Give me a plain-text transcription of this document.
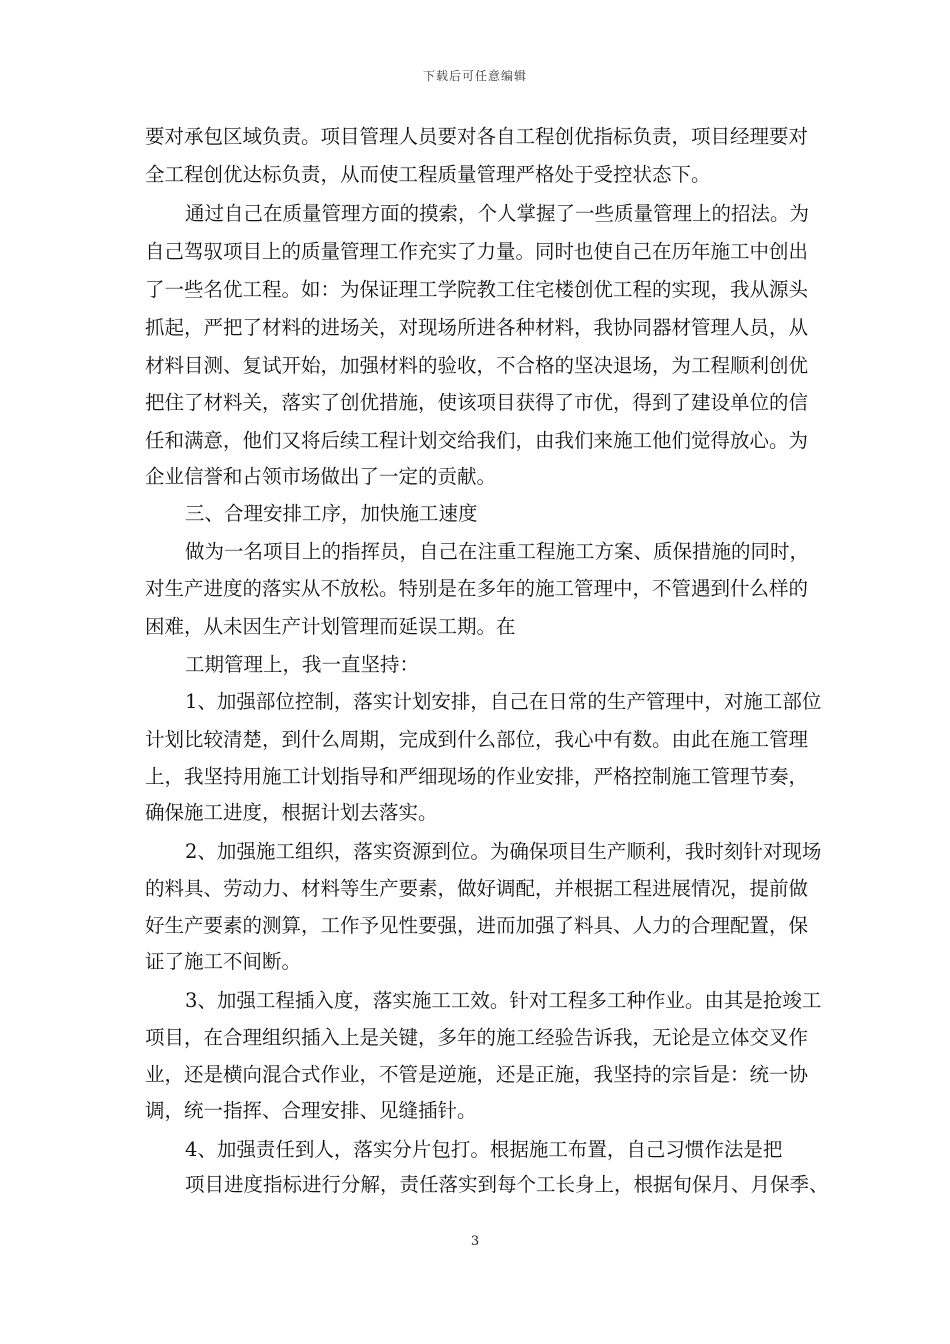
下载后可任意编辑
要对承包区域负责。项目管理人员要对各自工程创优指标负责，项目经理要对
全工程创优达标负责，从而使工程质量管理严格处于受控状态下。
通过自己在质量管理方面的摸索，个人掌握了一些质量管理上的招法。为
自己驾驭项目上的质量管理工作充实了力量。同时也使自己在历年施工中创出
了一些名优工程。如：为保证理工学院教工住宅楼创优工程的实现，我从源头
抓起，严把了材料的进场关，对现场所进各种材料，我协同器材管理人员，从
材料目测、复试开始，加强材料的验收，不合格的坚决退场，为工程顺利创优
把住了材料关，落实了创优措施，使该项目获得了市优，得到了建设单位的信
任和满意，他们又将后续工程计划交给我们，由我们来施工他们觉得放心。为
企业信誉和占领市场做出了一定的贡献。
三、合理安排工序，加快施工速度
做为一名项目上的指挥员，自己在注重工程施工方案、质保措施的同时，
对生产进度的落实从不放松。特别是在多年的施工管理中，不管遇到什么样的
困难，从未因生产计划管理而延误工期。在
工期管理上，我一直坚持：
1、加强部位控制，落实计划安排，自己在日常的生产管理中，对施工部位
计划比较清楚，到什么周期，完成到什么部位，我心中有数。由此在施工管理
上，我坚持用施工计划指导和严细现场的作业安排，严格控制施工管理节奏，
确保施工进度，根据计划去落实。
2、加强施工组织，落实资源到位。为确保项目生产顺利，我时刻针对现场
的料具、劳动力、材料等生产要素，做好调配，并根据工程进展情况，提前做
好生产要素的测算，工作予见性要强，进而加强了料具、人力的合理配置，保
证了施工不间断。
3、加强工程插入度，落实施工工效。针对工程多工种作业。由其是抢竣工
项目，在合理组织插入上是关键，多年的施工经验告诉我，无论是立体交叉作
业，还是横向混合式作业，不管是逆施，还是正施，我坚持的宗旨是：统一协
调，统一指挥、合理安排、见缝插针。
4、加强责任到人，落实分片包打。根据施工布置，自己习惯作法是把
项目进度指标进行分解，责任落实到每个工长身上，根据旬保月、月保季、
3
